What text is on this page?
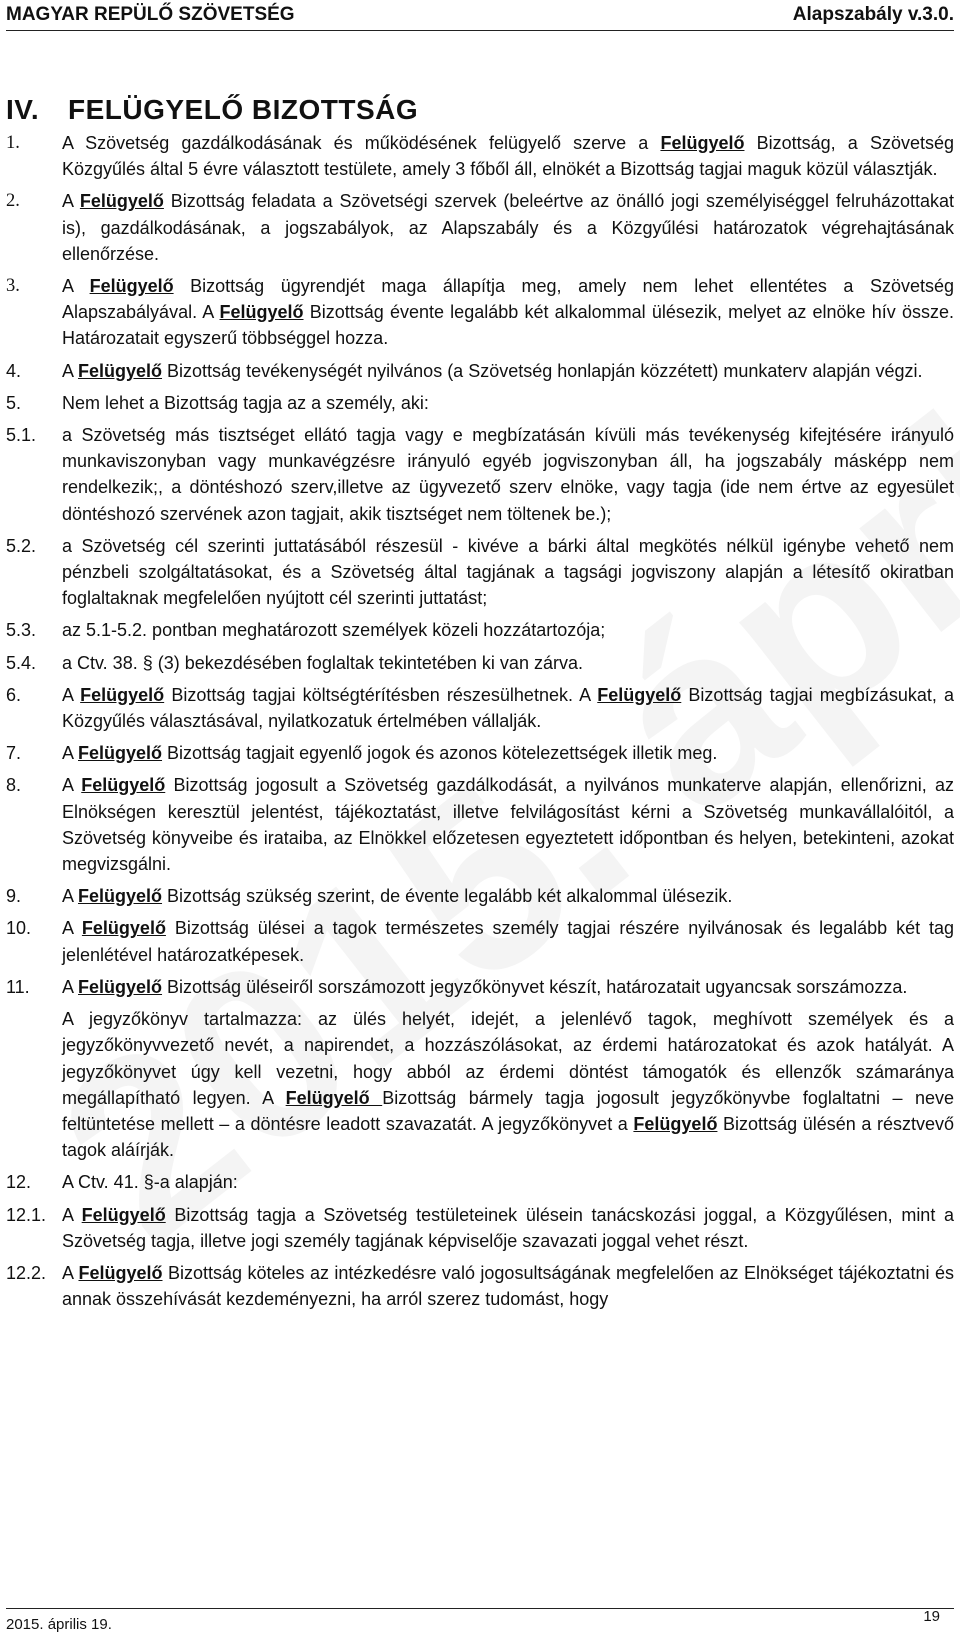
MAGYAR REPÜLŐ SZÖVETSÉG	Alapszabály v.3.0.
IV. FELÜGYELŐ BIZOTTSÁG
1.	A Szövetség gazdálkodásának és működésének felügyelő szerve a Felügyelő Bizottság, a Szövetség Közgyűlés által 5 évre választott testülete, amely 3 főből áll, elnökét a Bizottság tagjai maguk közül választják.
2.	A Felügyelő Bizottság feladata a Szövetségi szervek (beleértve az önálló jogi személyiséggel felruházottakat is), gazdálkodásának, a jogszabályok, az Alapszabály és a Közgyűlési határozatok végrehajtásának ellenőrzése.
3.	A Felügyelő Bizottság ügyrendjét maga állapítja meg, amely nem lehet ellentétes a Szövetség Alapszabályával. A Felügyelő Bizottság évente legalább két alkalommal ülésezik, melyet az elnöke hív össze. Határozatait egyszerű többséggel hozza.
4.	A Felügyelő Bizottság tevékenységét nyilvános (a Szövetség honlapján közzétett) munkaterv alapján végzi.
5.	Nem lehet a Bizottság tagja az a személy, aki:
5.1.	a Szövetség más tisztséget ellátó tagja vagy e megbízatásán kívüli más tevékenység kifejtésére irányuló munkaviszonyban vagy munkavégzésre irányuló egyéb jogviszonyban áll, ha jogszabály másképp nem rendelkezik;, a döntéshozó szerv,illetve az ügyvezető szerv elnöke, vagy tagja (ide nem értve az egyesület döntéshozó szervének azon tagjait, akik tisztséget nem töltenek be.);
5.2.	a Szövetség cél szerinti juttatásából részesül - kivéve a bárki által megkötés nélkül igénybe vehető nem pénzbeli szolgáltatásokat, és a Szövetség által tagjának a tagsági jogviszony alapján a létesítő okiratban foglaltaknak megfelelően nyújtott cél szerinti juttatást;
5.3.	az 5.1-5.2. pontban meghatározott személyek közeli hozzátartozója;
5.4.	a Ctv. 38. § (3) bekezdésében foglaltak tekintetében ki van zárva.
6.	A Felügyelő Bizottság tagjai költségtérítésben részesülhetnek. A Felügyelő Bizottság tagjai megbízásukat, a Közgyűlés választásával, nyilatkozatuk értelmében vállalják.
7.	A Felügyelő Bizottság tagjait egyenlő jogok és azonos kötelezettségek illetik meg.
8.	A Felügyelő Bizottság jogosult a Szövetség gazdálkodását, a nyilvános munkaterve alapján, ellenőrizni, az Elnökségen keresztül jelentést, tájékoztatást, illetve felvilágosítást kérni a Szövetség munkavállalóitól, a Szövetség könyveibe és irataiba, az Elnökkel előzetesen egyeztetett időpontban és helyen, betekinteni, azokat megvizsgálni.
9.	A Felügyelő Bizottság szükség szerint, de évente legalább két alkalommal ülésezik.
10.	A Felügyelő Bizottság ülései a tagok természetes személy tagjai részére nyilvánosak és legalább két tag jelenlétével határozatképesek.
11.	A Felügyelő Bizottság üléseiről sorszámozott jegyzőkönyvet készít, határozatait ugyancsak sorszámozza.
A jegyzőkönyv tartalmazza: az ülés helyét, idejét, a jelenlévő tagok, meghívott személyek és a jegyzőkönyvvezető nevét, a napirendet, a hozzászólásokat, az érdemi határozatokat és azok hatályát. A jegyzőkönyvet úgy kell vezetni, hogy abból az érdemi döntést támogatók és ellenzők számaránya megállapítható legyen. A Felügyelő Bizottság bármely tagja jogosult jegyzőkönyvbe foglaltatni – neve feltüntetése mellett – a döntésre leadott szavazatát. A jegyzőkönyvet a Felügyelő Bizottság ülésén a résztvevő tagok aláírják.
12.	A Ctv. 41. §-a alapján:
12.1. A Felügyelő Bizottság tagja a Szövetség testületeinek ülésein tanácskozási joggal, a Közgyűlésen, mint a Szövetség tagja, illetve jogi személy tagjának képviselője szavazati joggal vehet részt.
12.2. A Felügyelő Bizottság köteles az intézkedésre való jogosultságának megfelelően az Elnökséget tájékoztatni és annak összehívását kezdeményezni, ha arról szerez tudomást, hogy
2015. április 19.	19
